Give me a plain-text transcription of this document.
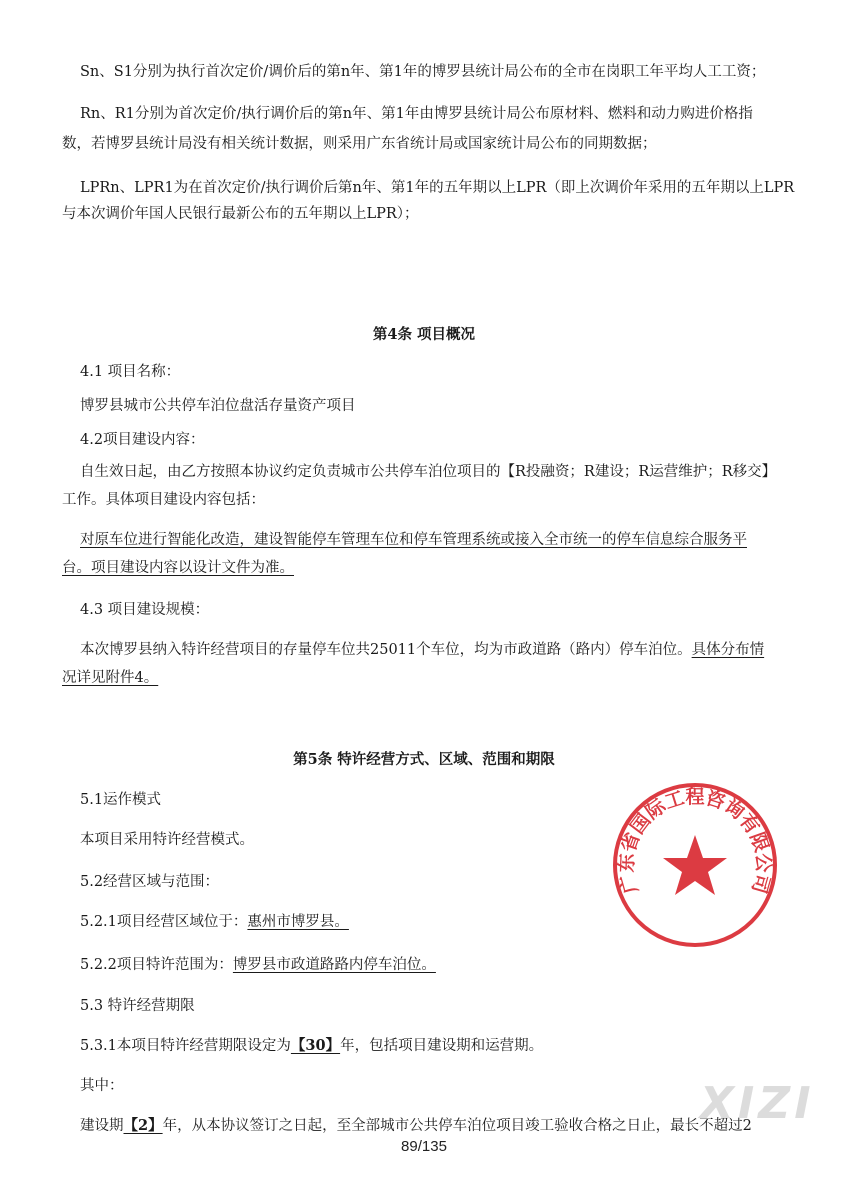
Sn、S1分别为执行首次定价/调价后的第n年、第1年的博罗县统计局公布的全市在岗职工年平均人工工资；
Rn、R1分别为首次定价/执行调价后的第n年、第1年由博罗县统计局公布原材料、燃料和动力购进价格指
数，若博罗县统计局没有相关统计数据，则采用广东省统计局或国家统计局公布的同期数据；
LPRn、LPR1为在首次定价/执行调价后第n年、第1年的五年期以上LPR（即上次调价年采用的五年期以上LPR
与本次调价年国人民银行最新公布的五年期以上LPR）；
第4条 项目概况
4.1 项目名称：
博罗县城市公共停车泊位盘活存量资产项目
4.2项目建设内容：
自生效日起，由乙方按照本协议约定负责城市公共停车泊位项目的【R投融资；R建设；R运营维护；R移交】
工作。具体项目建设内容包括：
对原车位进行智能化改造，建设智能停车管理车位和停车管理系统或接入全市统一的停车信息综合服务平
台。项目建设内容以设计文件为准。
4.3 项目建设规模：
本次博罗县纳入特许经营项目的存量停车位共25011个车位，均为市政道路（路内）停车泊位。具体分布情
况详见附件4。
第5条 特许经营方式、区域、范围和期限
5.1运作模式
本项目采用特许经营模式。
5.2经营区域与范围：
5.2.1项目经营区域位于：惠州市博罗县。
5.2.2项目特许范围为：博罗县市政道路路内停车泊位。
5.3 特许经营期限
5.3.1本项目特许经营期限设定为【30】年，包括项目建设期和运营期。
其中：
建设期【2】年，从本协议签订之日起，至全部城市公共停车泊位项目竣工验收合格之日止，最长不超过2
89/135
广东省国际工程咨询有限公司
XIZI
